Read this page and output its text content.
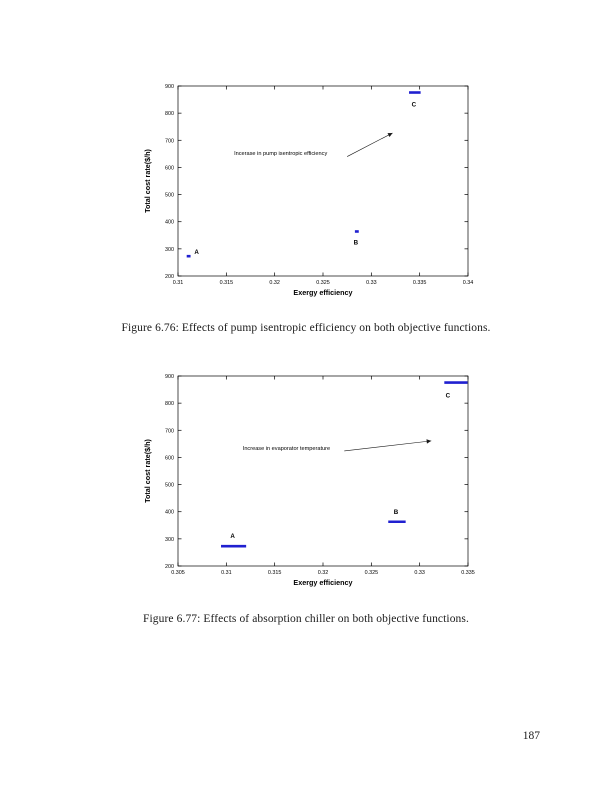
0.31	0.315	0.32	0.325	0.33	0.335	0.34
200
300
400
500
600
700
800
900
Exergy efficiency
Total cost rate($/h)	Incerase in pump isentropic efficiency
A
B
C
Figure 6.76: Effects of pump isentropic efficiency on both objective functions.
0.305	0.31	0.315	0.32	0.325	0.33	0.335
200
300
400
500
600
700
800
900
Exergy efficiency
Total cost rate($/h)	Increase in evaporator temperature
A
B
C
Figure 6.77: Effects of absorption chiller on both objective functions.
187
